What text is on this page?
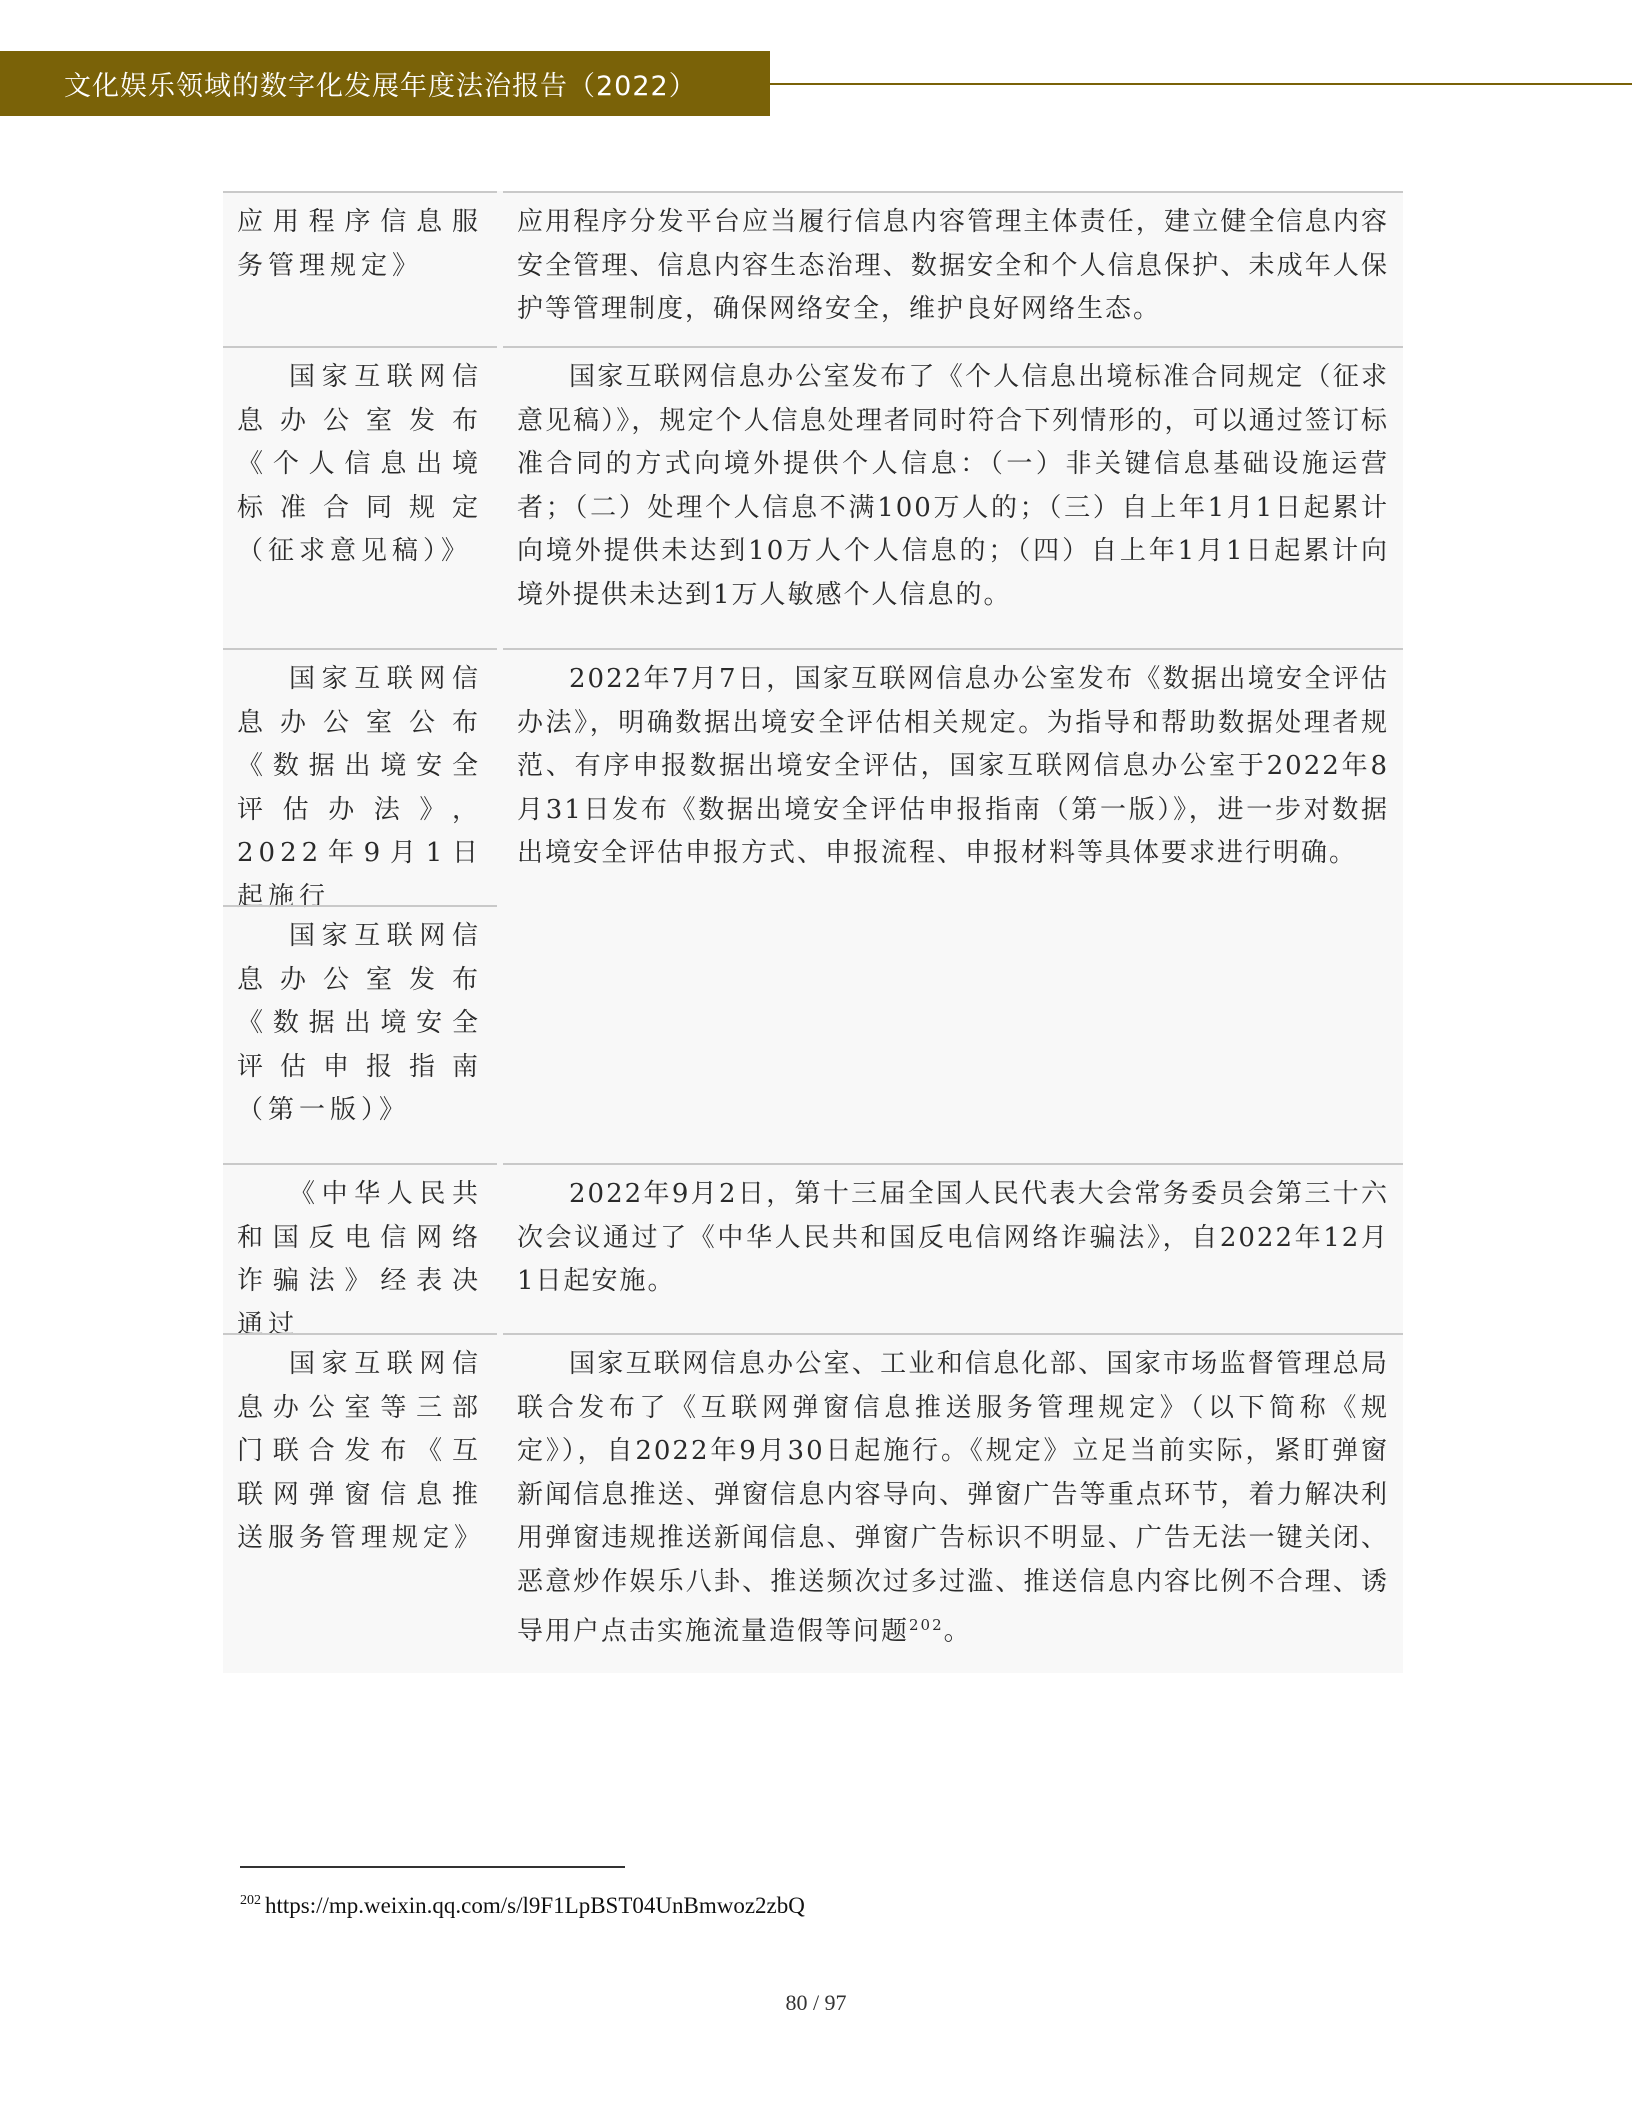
文化娱乐领域的数字化发展年度法治报告（2022）
应用程序信息服务管理规定》
应用程序分发平台应当履行信息内容管理主体责任，建立健全信息内容安全管理、信息内容生态治理、数据安全和个人信息保护、未成年人保护等管理制度，确保网络安全，维护良好网络生态。
国家互联网信息办公室发布《个人信息出境标准合同规定（征求意见稿）》
国家互联网信息办公室发布了《个人信息出境标准合同规定（征求意见稿）》，规定个人信息处理者同时符合下列情形的，可以通过签订标准合同的方式向境外提供个人信息：（一）非关键信息基础设施运营者；（二）处理个人信息不满100万人的；（三）自上年1月1日起累计向境外提供未达到10万人个人信息的；（四）自上年1月1日起累计向境外提供未达到1万人敏感个人信息的。
国家互联网信息办公室公布《数据出境安全评估办法》，2022年9月1日起施行
2022年7月7日，国家互联网信息办公室发布《数据出境安全评估办法》，明确数据出境安全评估相关规定。为指导和帮助数据处理者规范、有序申报数据出境安全评估，国家互联网信息办公室于2022年8月31日发布《数据出境安全评估申报指南（第一版）》，进一步对数据出境安全评估申报方式、申报流程、申报材料等具体要求进行明确。
国家互联网信息办公室发布《数据出境安全评估申报指南（第一版）》
《中华人民共和国反电信网络诈骗法》经表决通过
2022年9月2日，第十三届全国人民代表大会常务委员会第三十六次会议通过了《中华人民共和国反电信网络诈骗法》，自2022年12月1日起安施。
国家互联网信息办公室等三部门联合发布《互联网弹窗信息推送服务管理规定》
国家互联网信息办公室、工业和信息化部、国家市场监督管理总局联合发布了《互联网弹窗信息推送服务管理规定》（以下简称《规定》），自2022年9月30日起施行。《规定》立足当前实际，紧盯弹窗新闻信息推送、弹窗信息内容导向、弹窗广告等重点环节，着力解决利用弹窗违规推送新闻信息、弹窗广告标识不明显、广告无法一键关闭、恶意炒作娱乐八卦、推送频次过多过滥、推送信息内容比例不合理、诱导用户点击实施流量造假等问题$^{202}$。
$^{202}$ https://mp.weixin.qq.com/s/l9F1LpBST04UnBmwoz2zbQ
80 / 97
